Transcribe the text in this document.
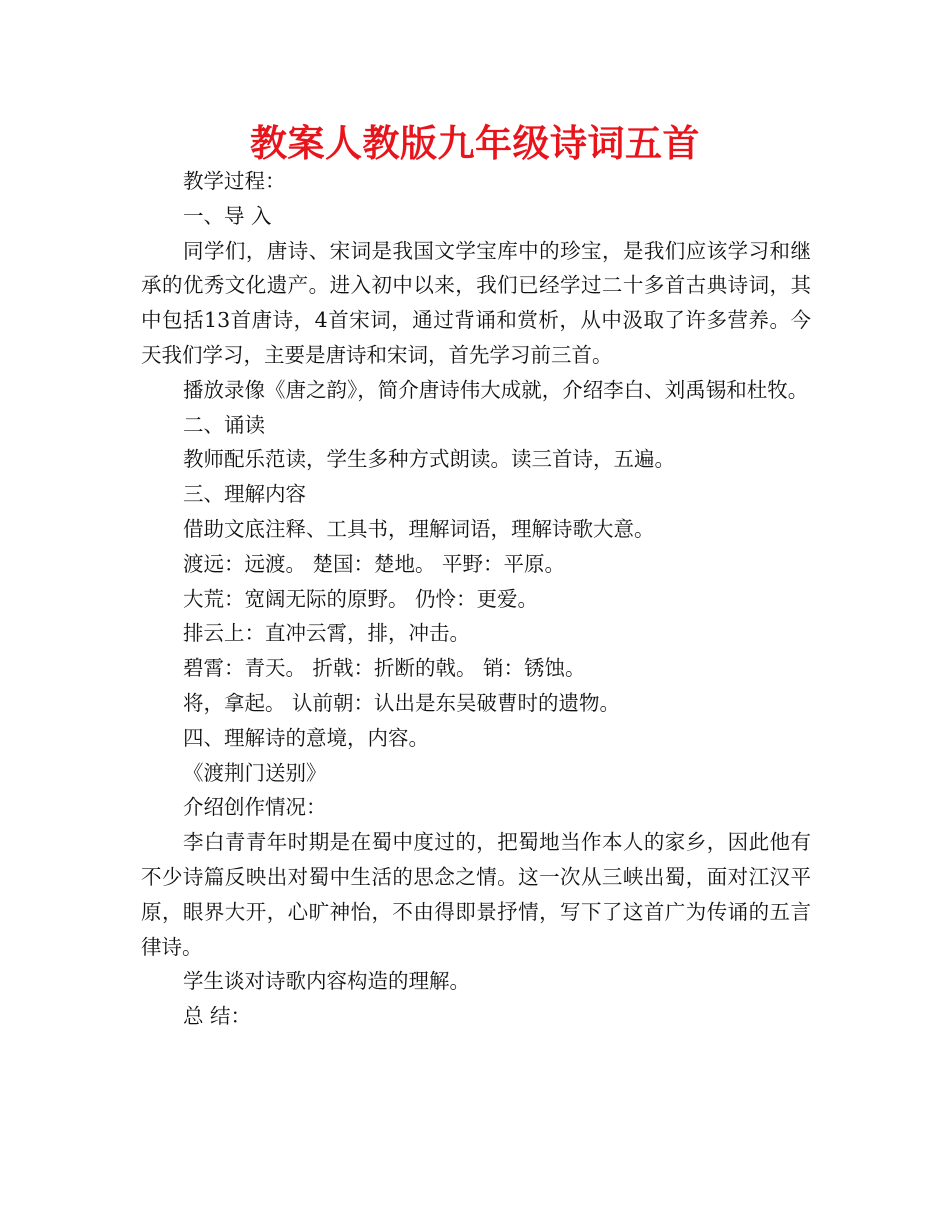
教案人教版九年级诗词五首

教学过程：

一、导 入

同学们，唐诗、宋词是我国文学宝库中的珍宝，是我们应该学习和继承的优秀文化遗产。进入初中以来，我们已经学过二十多首古典诗词，其中包括13首唐诗，4首宋词，通过背诵和赏析，从中汲取了许多营养。今天我们学习，主要是唐诗和宋词，首先学习前三首。

播放录像《唐之韵》，简介唐诗伟大成就，介绍李白、刘禹锡和杜牧。

二、诵读

教师配乐范读，学生多种方式朗读。读三首诗，五遍。

三、理解内容

借助文底注释、工具书，理解词语，理解诗歌大意。

渡远：远渡。 楚国：楚地。 平野：平原。

大荒：宽阔无际的原野。 仍怜：更爱。

排云上：直冲云霄，排，冲击。

碧霄：青天。 折戟：折断的戟。 销：锈蚀。

将，拿起。 认前朝：认出是东吴破曹时的遗物。

四、理解诗的意境，内容。

《渡荆门送别》

介绍创作情况：

李白青青年时期是在蜀中度过的，把蜀地当作本人的家乡，因此他有不少诗篇反映出对蜀中生活的思念之情。这一次从三峡出蜀，面对江汉平原，眼界大开，心旷神怡，不由得即景抒情，写下了这首广为传诵的五言律诗。

学生谈对诗歌内容构造的理解。

总 结：
